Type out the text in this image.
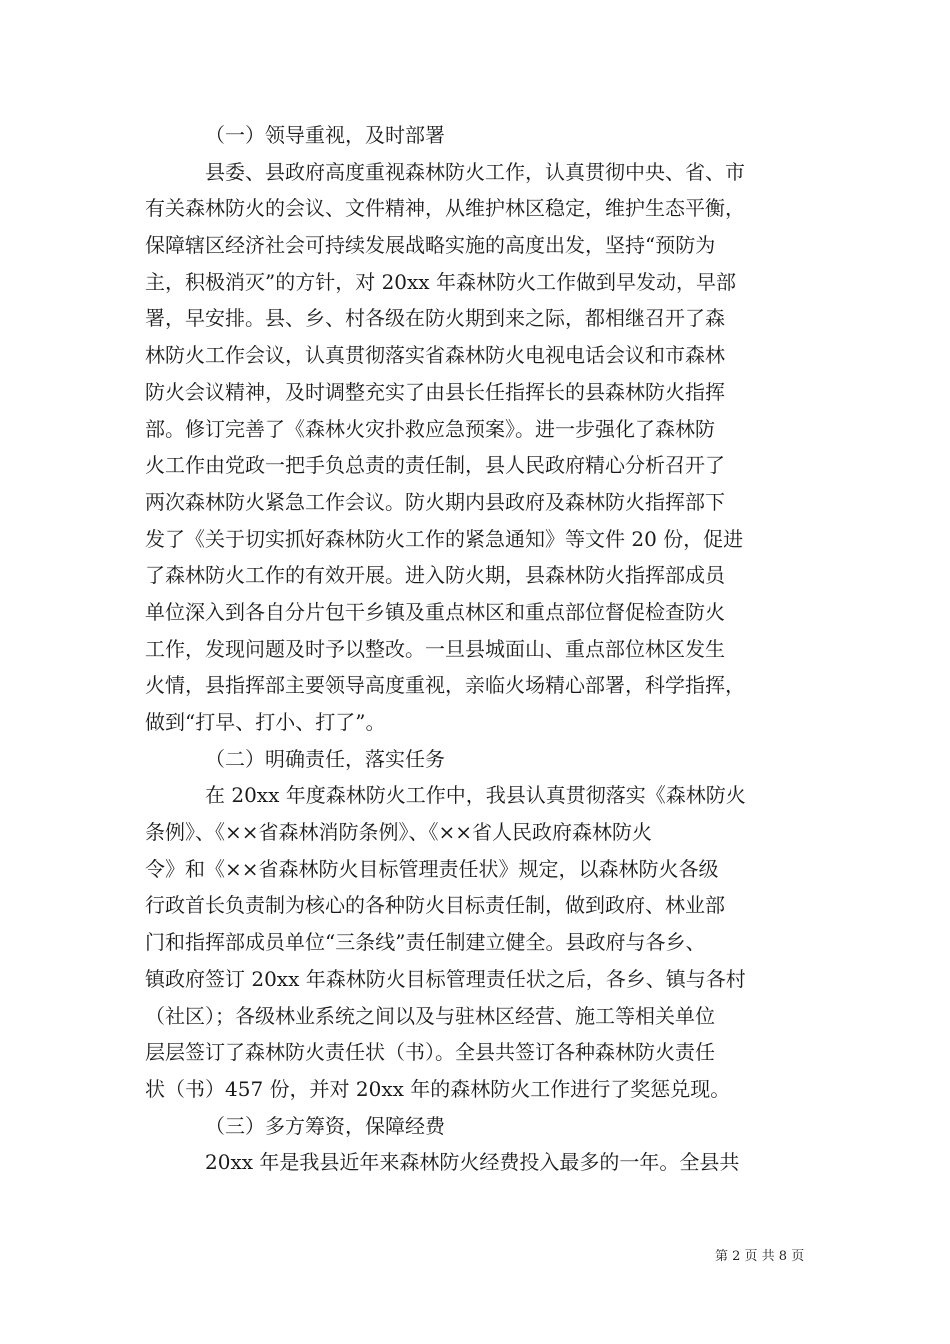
（一）领导重视，及时部署
县委、县政府高度重视森林防火工作，认真贯彻中央、省、市
有关森林防火的会议、文件精神，从维护林区稳定，维护生态平衡，
保障辖区经济社会可持续发展战略实施的高度出发，坚持“预防为
主，积极消灭”的方针，对 20xx 年森林防火工作做到早发动，早部
署，早安排。县、乡、村各级在防火期到来之际，都相继召开了森
林防火工作会议，认真贯彻落实省森林防火电视电话会议和市森林
防火会议精神，及时调整充实了由县长任指挥长的县森林防火指挥
部。修订完善了《森林火灾扑救应急预案》。进一步强化了森林防
火工作由党政一把手负总责的责任制，县人民政府精心分析召开了
两次森林防火紧急工作会议。防火期内县政府及森林防火指挥部下
发了《关于切实抓好森林防火工作的紧急通知》等文件 20 份，促进
了森林防火工作的有效开展。进入防火期，县森林防火指挥部成员
单位深入到各自分片包干乡镇及重点林区和重点部位督促检查防火
工作，发现问题及时予以整改。一旦县城面山、重点部位林区发生
火情，县指挥部主要领导高度重视，亲临火场精心部署，科学指挥，
做到“打早、打小、打了”。
（二）明确责任，落实任务
在 20xx 年度森林防火工作中，我县认真贯彻落实《森林防火
条例》、《××省森林消防条例》、《××省人民政府森林防火
令》和《××省森林防火目标管理责任状》规定，以森林防火各级
行政首长负责制为核心的各种防火目标责任制，做到政府、林业部
门和指挥部成员单位“三条线”责任制建立健全。县政府与各乡、
镇政府签订 20xx 年森林防火目标管理责任状之后，各乡、镇与各村
（社区）；各级林业系统之间以及与驻林区经营、施工等相关单位
层层签订了森林防火责任状（书）。全县共签订各种森林防火责任
状（书）457 份，并对 20xx 年的森林防火工作进行了奖惩兑现。
（三）多方筹资，保障经费
20xx 年是我县近年来森林防火经费投入最多的一年。全县共
第 2 页 共 8 页
